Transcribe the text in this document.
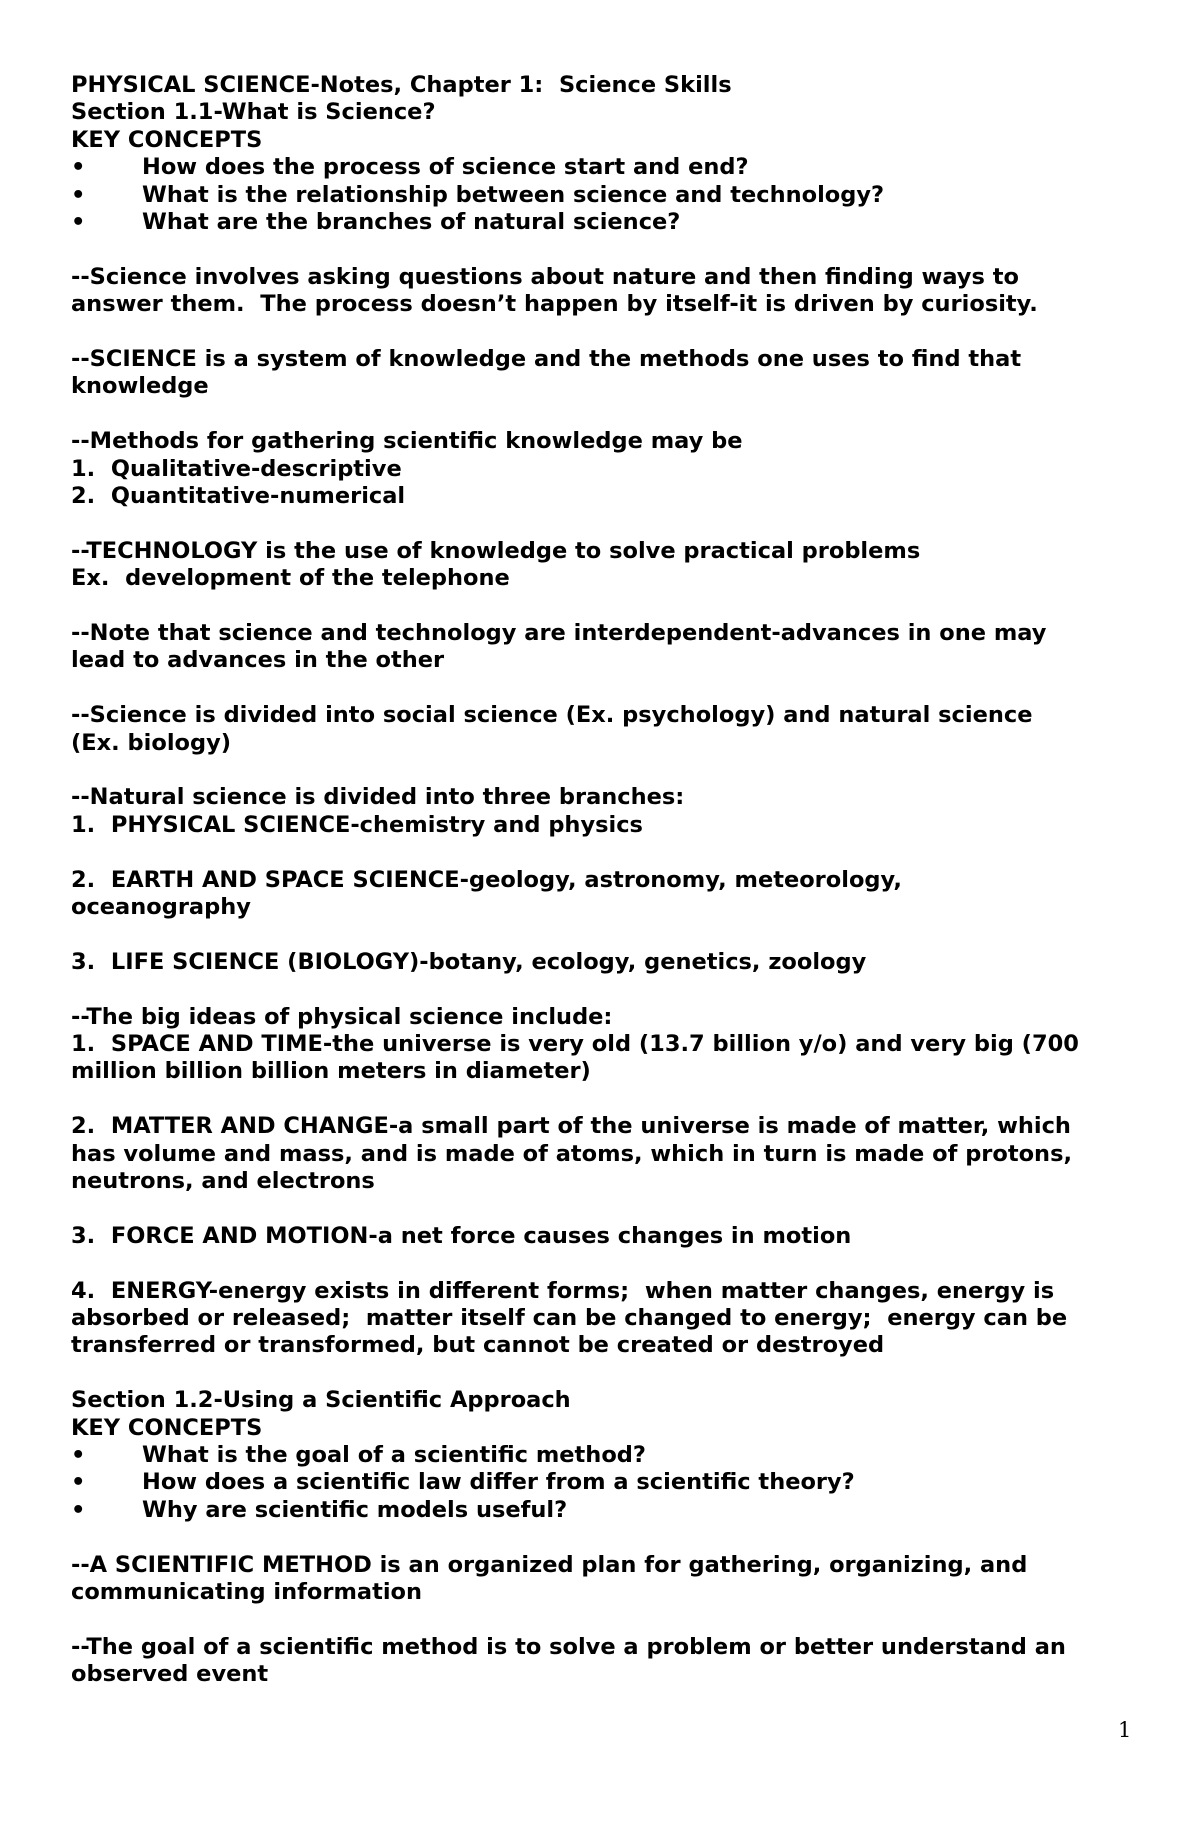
PHYSICAL SCIENCE-Notes, Chapter 1:  Science Skills
Section 1.1-What is Science?
KEY CONCEPTS
•	How does the process of science start and end?
•	What is the relationship between science and technology?
•	What are the branches of natural science?
--Science involves asking questions about nature and then finding ways to
answer them.  The process doesn’t happen by itself-it is driven by curiosity.
--SCIENCE is a system of knowledge and the methods one uses to find that
knowledge
--Methods for gathering scientific knowledge may be
1.  Qualitative-descriptive
2.  Quantitative-numerical
--TECHNOLOGY is the use of knowledge to solve practical problems
Ex.  development of the telephone
--Note that science and technology are interdependent-advances in one may
lead to advances in the other
--Science is divided into social science (Ex. psychology) and natural science
(Ex. biology)
--Natural science is divided into three branches:
1.  PHYSICAL SCIENCE-chemistry and physics
2.  EARTH AND SPACE SCIENCE-geology, astronomy, meteorology,
oceanography
3.  LIFE SCIENCE (BIOLOGY)-botany, ecology, genetics, zoology
--The big ideas of physical science include:
1.  SPACE AND TIME-the universe is very old (13.7 billion y/o) and very big (700
million billion billion meters in diameter)
2.  MATTER AND CHANGE-a small part of the universe is made of matter, which
has volume and mass, and is made of atoms, which in turn is made of protons,
neutrons, and electrons
3.  FORCE AND MOTION-a net force causes changes in motion
4.  ENERGY-energy exists in different forms;  when matter changes, energy is
absorbed or released;  matter itself can be changed to energy;  energy can be
transferred or transformed, but cannot be created or destroyed
Section 1.2-Using a Scientific Approach
KEY CONCEPTS
•	What is the goal of a scientific method?
•	How does a scientific law differ from a scientific theory?
•	Why are scientific models useful?
--A SCIENTIFIC METHOD is an organized plan for gathering, organizing, and
communicating information
--The goal of a scientific method is to solve a problem or better understand an
observed event
1
